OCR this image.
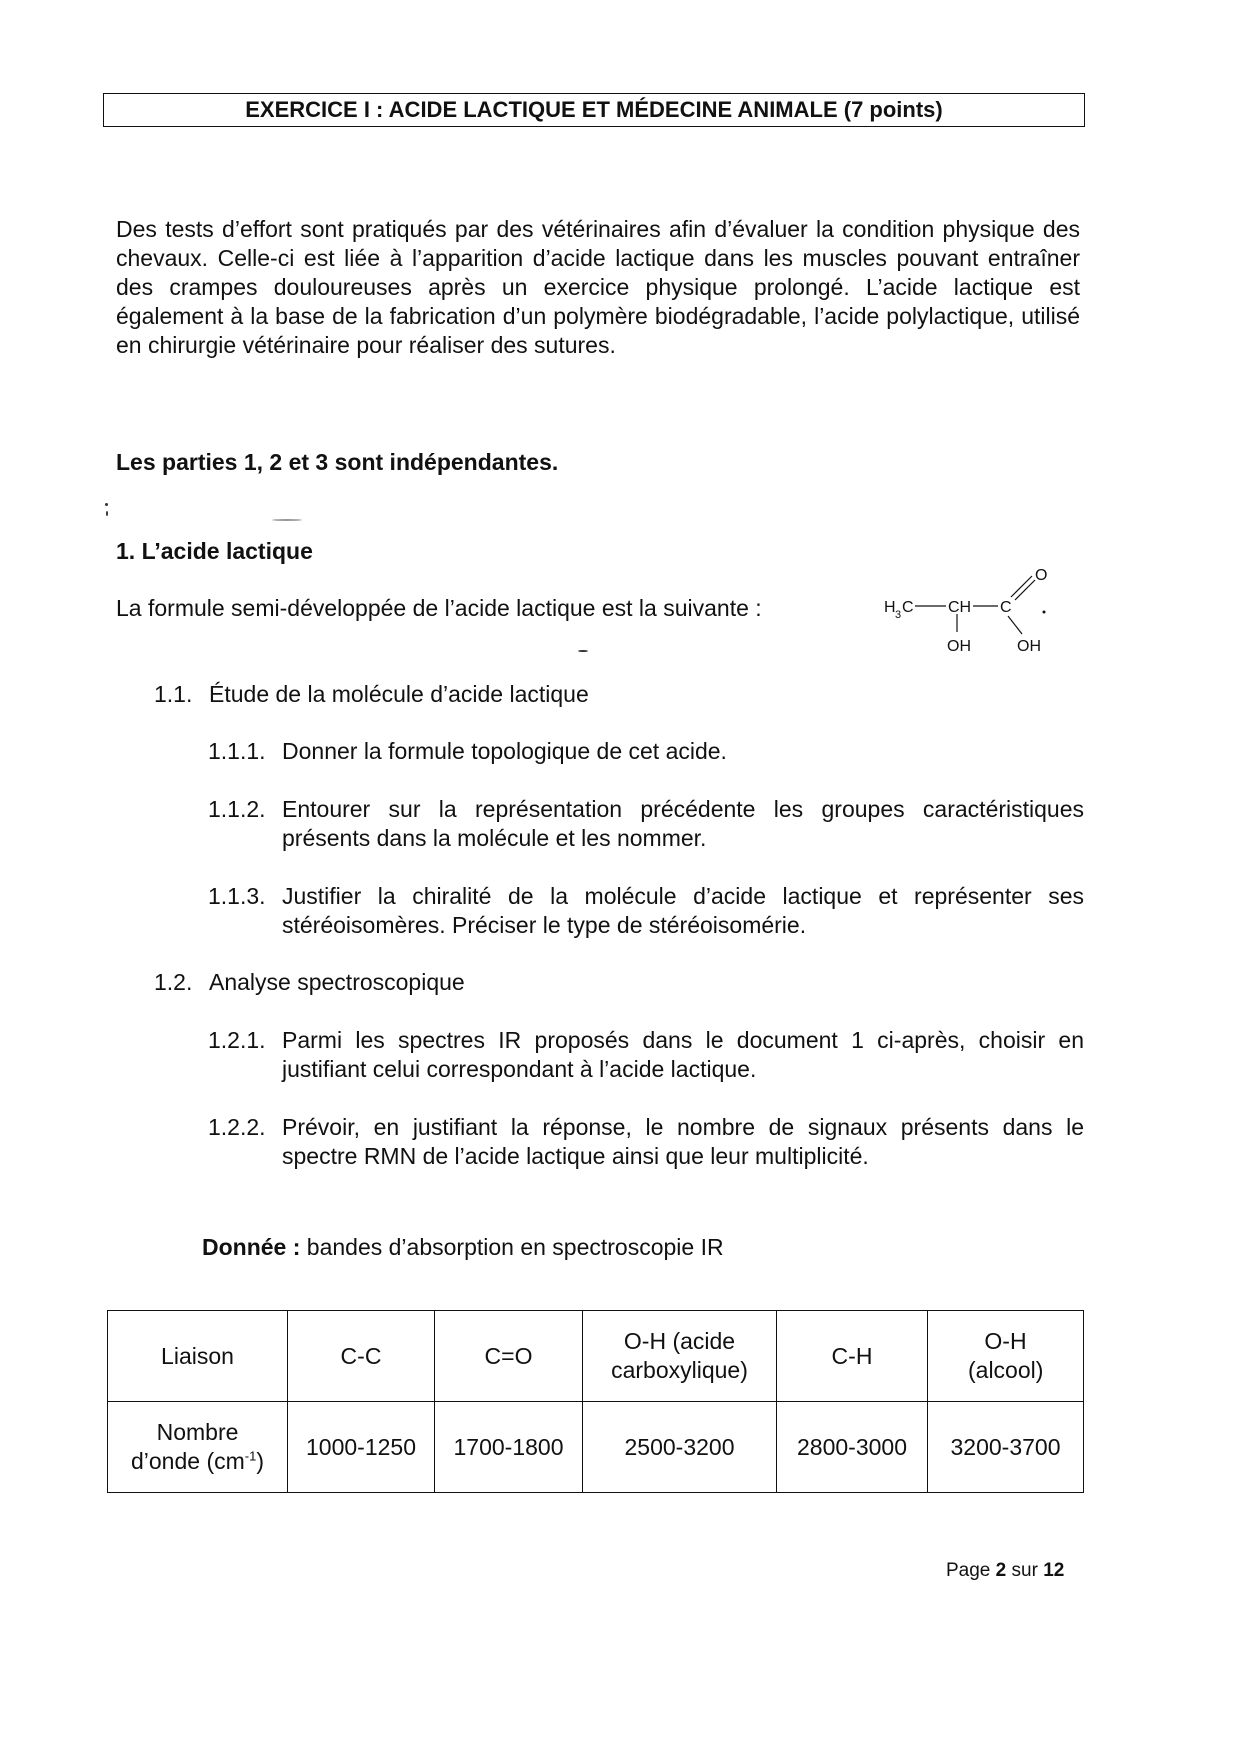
EXERCICE I : ACIDE LACTIQUE ET MÉDECINE ANIMALE (7 points)

Des tests d’effort sont pratiqués par des vétérinaires afin d’évaluer la condition physique des chevaux. Celle-ci est liée à l’apparition d’acide lactique dans les muscles pouvant entraîner des crampes douloureuses après un exercice physique prolongé. L’acide lactique est également à la base de la fabrication d’un polymère biodégradable, l’acide polylactique, utilisé en chirurgie vétérinaire pour réaliser des sutures.

Les parties 1, 2 et 3 sont indépendantes.
1. L’acide lactique
La formule semi-développée de l’acide lactique est la suivante :	H 3 C CH C
O
OH	OH
1.1. Étude de la molécule d’acide lactique
1.1.1. Donner la formule topologique de cet acide.
1.1.2. Entourer sur la représentation précédente les groupes caractéristiques présents dans la molécule et les nommer.
1.1.3. Justifier la chiralité de la molécule d’acide lactique et représenter ses stéréoisomères. Préciser le type de stéréoisomérie.
1.2. Analyse spectroscopique
1.2.1. Parmi les spectres IR proposés dans le document 1 ci-après, choisir en justifiant celui correspondant à l’acide lactique.
1.2.2. Prévoir, en justifiant la réponse, le nombre de signaux présents dans le spectre RMN de l’acide lactique ainsi que leur multiplicité.
Donnée : bandes d’absorption en spectroscopie IR
Liaison	C-C	C=O	O-H (acide carboxylique)	C-H	O-H (alcool)
Nombre
d’onde $(cm^{-1})$	1000-1250	1700-1800	2500-3200	2800-3000	3200-3700
Page 2 sur 12
